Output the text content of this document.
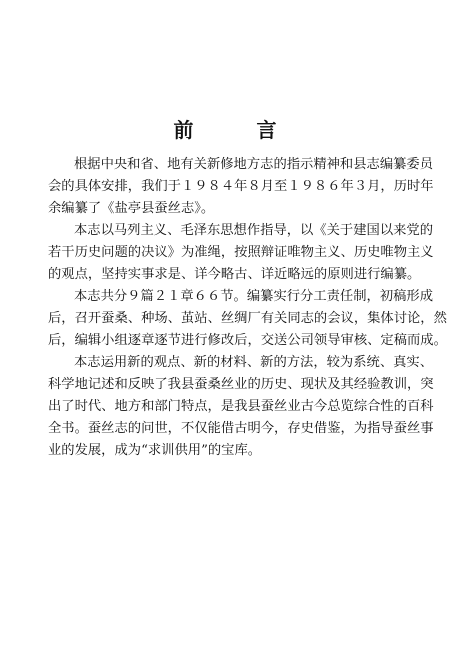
前 言
根据中央和省、地有关新修地方志的指示精神和县志编纂委员
会的具体安排，我们于１９８４年８月至１９８６年３月，历时年
余编纂了《盐亭县蚕丝志》。
本志以马列主义、毛泽东思想作指导，以《关于建国以来党的
若干历史问题的决议》为准绳，按照辩证唯物主义、历史唯物主义
的观点，坚持实事求是、详今略古、详近略远的原则进行编纂。
本志共分９篇２１章６６节。编纂实行分工责任制，初稿形成
后，召开蚕桑、种场、茧站、丝绸厂有关同志的会议，集体讨论，然
后，编辑小组逐章逐节进行修改后，交送公司领导审核、定稿而成。
本志运用新的观点、新的材料、新的方法，较为系统、真实、
科学地记述和反映了我县蚕桑丝业的历史、现状及其经验教训，突
出了时代、地方和部门特点，是我县蚕丝业古今总览综合性的百科
全书。蚕丝志的问世，不仅能借古明今，存史借鉴，为指导蚕丝事
业的发展，成为“求训供用”的宝库。
